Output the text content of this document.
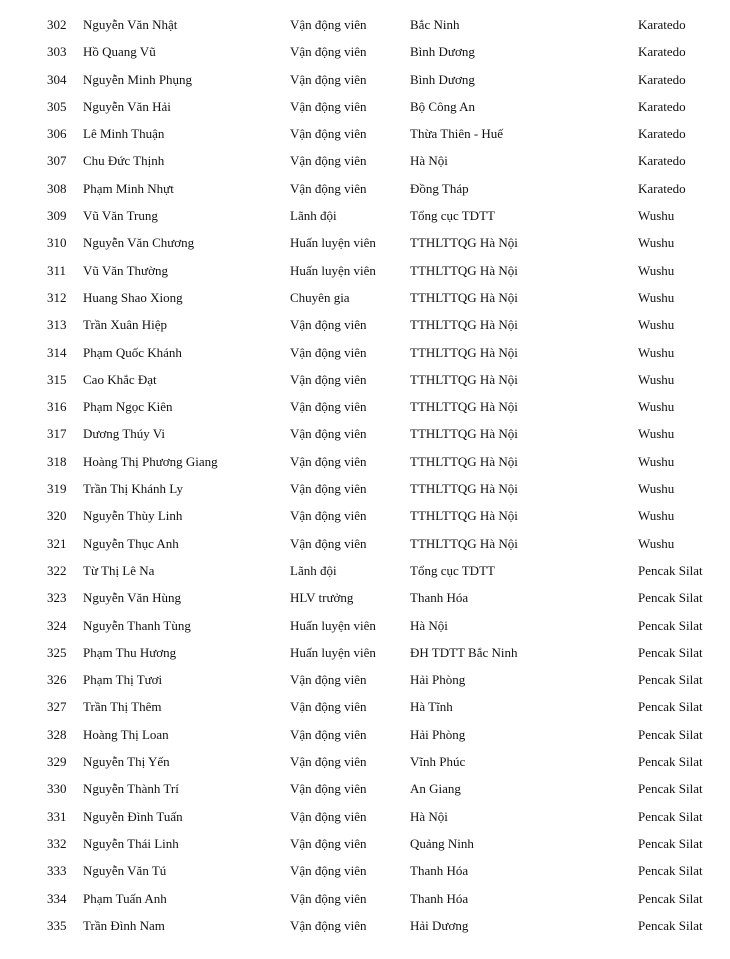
302 Nguyễn Văn Nhật	Vận động viên	Bắc Ninh	Karatedo
303 Hồ Quang Vũ	Vận động viên	Bình Dương	Karatedo
304 Nguyễn Minh Phụng	Vận động viên	Bình Dương	Karatedo
305 Nguyễn Văn Hải	Vận động viên	Bộ Công An	Karatedo
306 Lê Minh Thuận	Vận động viên	Thừa Thiên - Huế	Karatedo
307 Chu Đức Thịnh	Vận động viên	Hà Nội	Karatedo
308 Phạm Minh Nhựt	Vận động viên	Đồng Tháp	Karatedo
309 Vũ Văn Trung	Lãnh đội	Tổng cục TDTT	Wushu
310 Nguyễn Văn Chương	Huấn luyện viên	TTHLTTQG Hà Nội	Wushu
311 Vũ Văn Thường	Huấn luyện viên	TTHLTTQG Hà Nội	Wushu
312 Huang Shao Xiong	Chuyên gia	TTHLTTQG Hà Nội	Wushu
313 Trần Xuân Hiệp	Vận động viên	TTHLTTQG Hà Nội	Wushu
314 Phạm Quốc Khánh	Vận động viên	TTHLTTQG Hà Nội	Wushu
315 Cao Khắc Đạt	Vận động viên	TTHLTTQG Hà Nội	Wushu
316 Phạm Ngọc Kiên	Vận động viên	TTHLTTQG Hà Nội	Wushu
317 Dương Thúy Vi	Vận động viên	TTHLTTQG Hà Nội	Wushu
318 Hoàng Thị Phương Giang	Vận động viên	TTHLTTQG Hà Nội	Wushu
319 Trần Thị Khánh Ly	Vận động viên	TTHLTTQG Hà Nội	Wushu
320 Nguyễn Thùy Linh	Vận động viên	TTHLTTQG Hà Nội	Wushu
321 Nguyễn Thục Anh	Vận động viên	TTHLTTQG Hà Nội	Wushu
322 Từ Thị Lê Na	Lãnh đội	Tổng cục TDTT	Pencak Silat
323 Nguyễn Văn Hùng	HLV trưởng	Thanh Hóa	Pencak Silat
324 Nguyễn Thanh Tùng	Huấn luyện viên	Hà Nội	Pencak Silat
325 Phạm Thu Hương	Huấn luyện viên	ĐH TDTT Bắc Ninh	Pencak Silat
326 Phạm Thị Tươi	Vận động viên	Hải Phòng	Pencak Silat
327 Trần Thị Thêm	Vận động viên	Hà Tĩnh	Pencak Silat
328 Hoàng Thị Loan	Vận động viên	Hải Phòng	Pencak Silat
329 Nguyễn Thị Yến	Vận động viên	Vĩnh Phúc	Pencak Silat
330 Nguyễn Thành Trí	Vận động viên	An Giang	Pencak Silat
331 Nguyễn Đình Tuấn	Vận động viên	Hà Nội	Pencak Silat
332 Nguyễn Thái Linh	Vận động viên	Quảng Ninh	Pencak Silat
333 Nguyễn Văn Tú	Vận động viên	Thanh Hóa	Pencak Silat
334 Phạm Tuấn Anh	Vận động viên	Thanh Hóa	Pencak Silat
335 Trần Đình Nam	Vận động viên	Hải Dương	Pencak Silat
